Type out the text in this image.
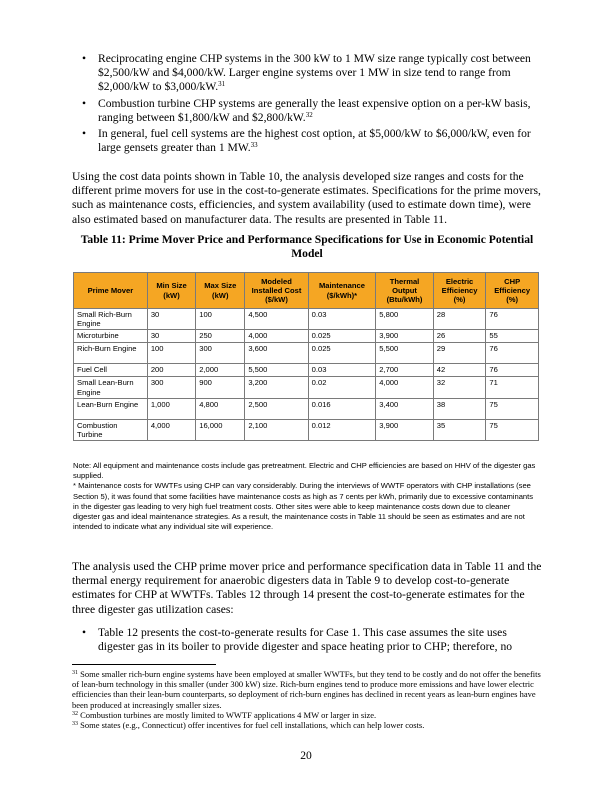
• Reciprocating engine CHP systems in the 300 kW to 1 MW size range typically cost between $2,500/kW and $4,000/kW. Larger engine systems over 1 MW in size tend to range from $2,000/kW to $3,000/kW.$^{31}$
• Combustion turbine CHP systems are generally the least expensive option on a per-kW basis, ranging between $1,800/kW and $2,800/kW.$^{32}$
• In general, fuel cell systems are the highest cost option, at $5,000/kW to $6,000/kW, even for large gensets greater than 1 MW.$^{33}$

Using the cost data points shown in Table 10, the analysis developed size ranges and costs for the different prime movers for use in the cost-to-generate estimates. Specifications for the prime movers, such as maintenance costs, efficiencies, and system availability (used to estimate down time), were also estimated based on manufacturer data. The results are presented in Table 11.

Table 11: Prime Mover Price and Performance Specifications for Use in Economic Potential Model
Prime Mover	Min Size (kW)	Max Size (kW)	Modeled Installed Cost ($/kW)	Maintenance ($/kWh)*	Thermal Output (Btu/kWh)	Electric Efficiency (%)	CHP Efficiency (%)
Small Rich-Burn Engine	30	100	4,500	0.03	5,800	28	76
Microturbine	30	250	4,000	0.025	3,900	26	55
Rich-Burn Engine	100	300	3,600	0.025	5,500	29	76
Fuel Cell	200	2,000	5,500	0.03	2,700	42	76
Small Lean-Burn Engine	300	900	3,200	0.02	4,000	32	71
Lean-Burn Engine	1,000	4,800	2,500	0.016	3,400	38	75
Combustion Turbine	4,000	16,000	2,100	0.012	3,900	35	75

Note: All equipment and maintenance costs include gas pretreatment. Electric and CHP efficiencies are based on HHV of the digester gas supplied.

* Maintenance costs for WWTFs using CHP can vary considerably. During the interviews of WWTF operators with CHP installations (see Section 5), it was found that some facilities have maintenance costs as high as 7 cents per kWh, primarily due to excessive contaminants in the digester gas leading to very high fuel treatment costs. Other sites were able to keep maintenance costs down due to cleaner digester gas and ideal maintenance strategies. As a result, the maintenance costs in Table 11 should be seen as estimates and are not intended to indicate what any individual site will experience.

The analysis used the CHP prime mover price and performance specification data in Table 11 and the thermal energy requirement for anaerobic digesters data in Table 9 to develop cost-to-generate estimates for CHP at WWTFs. Tables 12 through 14 present the cost-to-generate estimates for the three digester gas utilization cases:

• Table 12 presents the cost-to-generate results for Case 1. This case assumes the site uses digester gas in its boiler to provide digester and space heating prior to CHP; therefore, no

$^{31}$ Some smaller rich-burn engine systems have been employed at smaller WWTFs, but they tend to be costly and do not offer the benefits of lean-burn technology in this smaller (under 300 kW) size. Rich-burn engines tend to produce more emissions and have lower electric efficiencies than their lean-burn counterparts, so deployment of rich-burn engines has declined in recent years as lean-burn engines have been produced at increasingly smaller sizes.

$^{32}$ Combustion turbines are mostly limited to WWTF applications 4 MW or larger in size.

$^{33}$ Some states (e.g., Connecticut) offer incentives for fuel cell installations, which can help lower costs.

20
